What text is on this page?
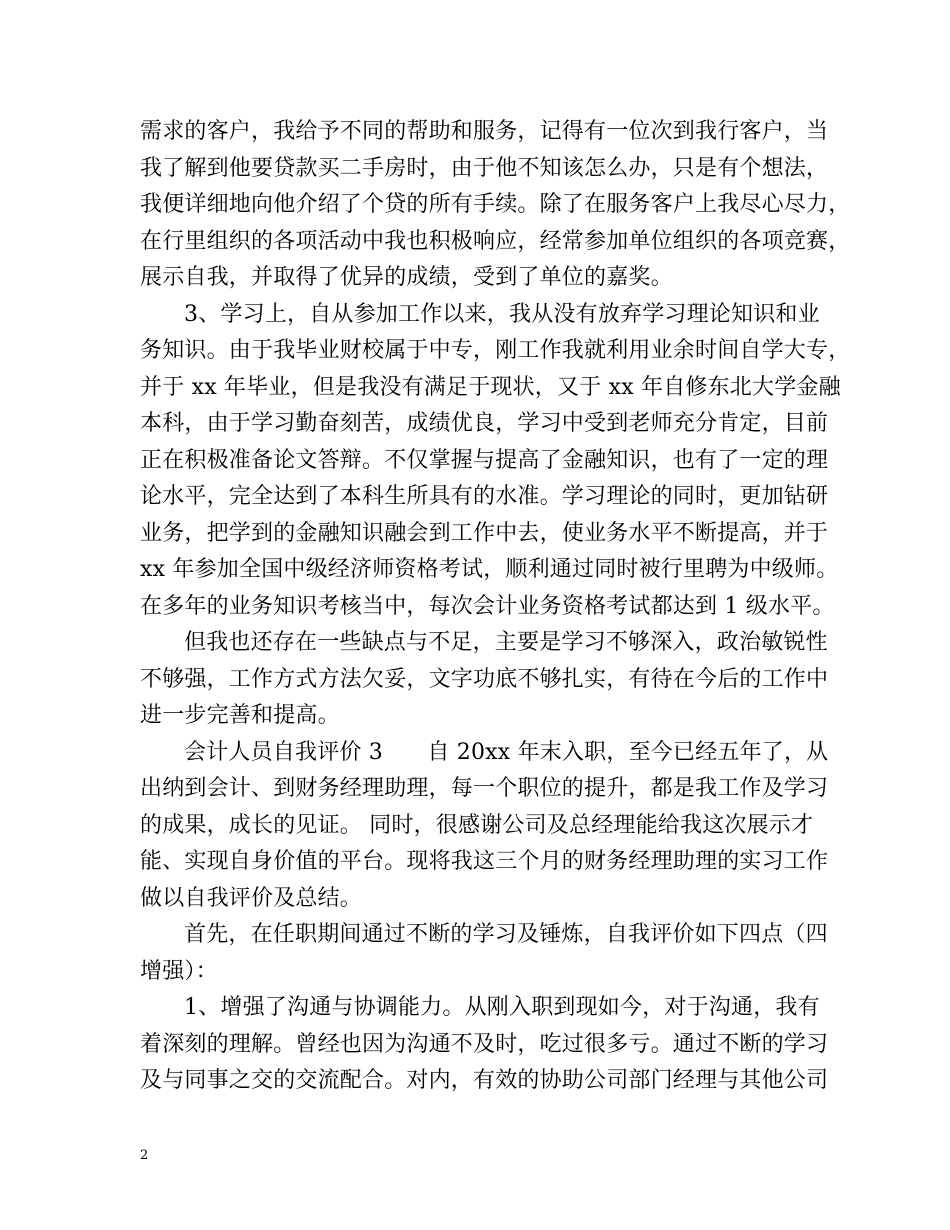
需求的客户，我给予不同的帮助和服务，记得有一位次到我行客户，当
我了解到他要贷款买二手房时，由于他不知该怎么办，只是有个想法，
我便详细地向他介绍了个贷的所有手续。除了在服务客户上我尽心尽力，
在行里组织的各项活动中我也积极响应，经常参加单位组织的各项竞赛，
展示自我，并取得了优异的成绩，受到了单位的嘉奖。
3、学习上，自从参加工作以来，我从没有放弃学习理论知识和业
务知识。由于我毕业财校属于中专，刚工作我就利用业余时间自学大专，
并于 xx 年毕业，但是我没有满足于现状，又于 xx 年自修东北大学金融
本科，由于学习勤奋刻苦，成绩优良，学习中受到老师充分肯定，目前
正在积极准备论文答辩。不仅掌握与提高了金融知识，也有了一定的理
论水平，完全达到了本科生所具有的水准。学习理论的同时，更加钻研
业务，把学到的金融知识融会到工作中去，使业务水平不断提高，并于
xx 年参加全国中级经济师资格考试，顺利通过同时被行里聘为中级师。
在多年的业务知识考核当中，每次会计业务资格考试都达到 1 级水平。
但我也还存在一些缺点与不足，主要是学习不够深入，政治敏锐性
不够强，工作方式方法欠妥，文字功底不够扎实，有待在今后的工作中
进一步完善和提高。
会计人员自我评价 3　　自 20xx 年末入职，至今已经五年了，从
出纳到会计、到财务经理助理，每一个职位的提升，都是我工作及学习
的成果，成长的见证。 同时，很感谢公司及总经理能给我这次展示才
能、实现自身价值的平台。现将我这三个月的财务经理助理的实习工作
做以自我评价及总结。
首先，在任职期间通过不断的学习及锤炼，自我评价如下四点（四
增强）：
1、增强了沟通与协调能力。从刚入职到现如今，对于沟通，我有
着深刻的理解。曾经也因为沟通不及时，吃过很多亏。通过不断的学习
及与同事之交的交流配合。对内，有效的协助公司部门经理与其他公司
2
